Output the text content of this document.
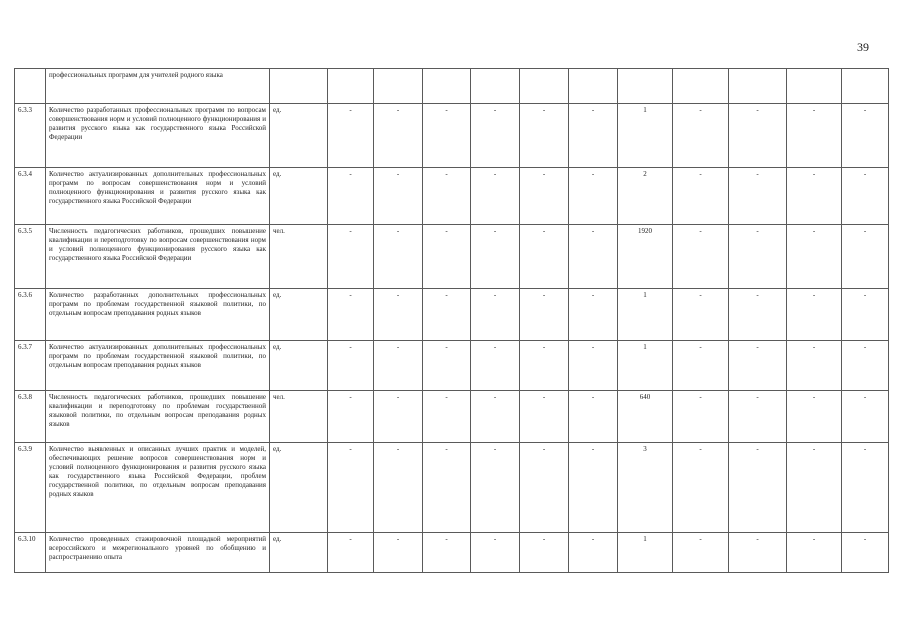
39
	профессиональных программ для учителей родного языка												
6.3.3	Количество разработанных профессиональных программ по вопросам совершенствования норм и условий полноценного функционирования и развития русского языка как государственного языка Российской Федерации	ед.	-	-	-	-	-	-	1	-	-	-	-
6.3.4	Количество актуализированных дополнительных профессиональных программ по вопросам совершенствования норм и условий полноценного функционирования и развития русского языка как государственного языка Российской Федерации	ед.	-	-	-	-	-	-	2	-	-	-	-
6.3.5	Численность педагогических работников, прошедших повышение квалификации и переподготовку по вопросам совершенствования норм и условий полноценного функционирования русского языка как государственного языка Российской Федерации	чел.	-	-	-	-	-	-	1920	-	-	-	-
6.3.6	Количество разработанных дополнительных профессиональных программ по проблемам государственной языковой политики, по отдельным вопросам преподавания родных языков	ед.	-	-	-	-	-	-	1	-	-	-	-
6.3.7	Количество актуализированных дополнительных профессиональных программ по проблемам государственной языковой политики, по отдельным вопросам преподавания родных языков	ед.	-	-	-	-	-	-	1	-	-	-	-
6.3.8	Численность педагогических работников, прошедших повышение квалификации и переподготовку по проблемам государственной языковой политики, по отдельным вопросам преподавания родных языков	чел.	-	-	-	-	-	-	640	-	-	-	-
6.3.9	Количество выявленных и описанных лучших практик и моделей, обеспечивающих решение вопросов совершенствования норм и условий полноценного функционирования и развития русского языка как государственного языка Российской Федерации, проблем государственной политики, по отдельным вопросам преподавания родных языков	ед.	-	-	-	-	-	-	3	-	-	-	-
6.3.10	Количество проведенных стажировочной площадкой мероприятий всероссийского и межрегионального уровней по обобщению и распространению опыта	ед.	-	-	-	-	-	-	1	-	-	-	-
